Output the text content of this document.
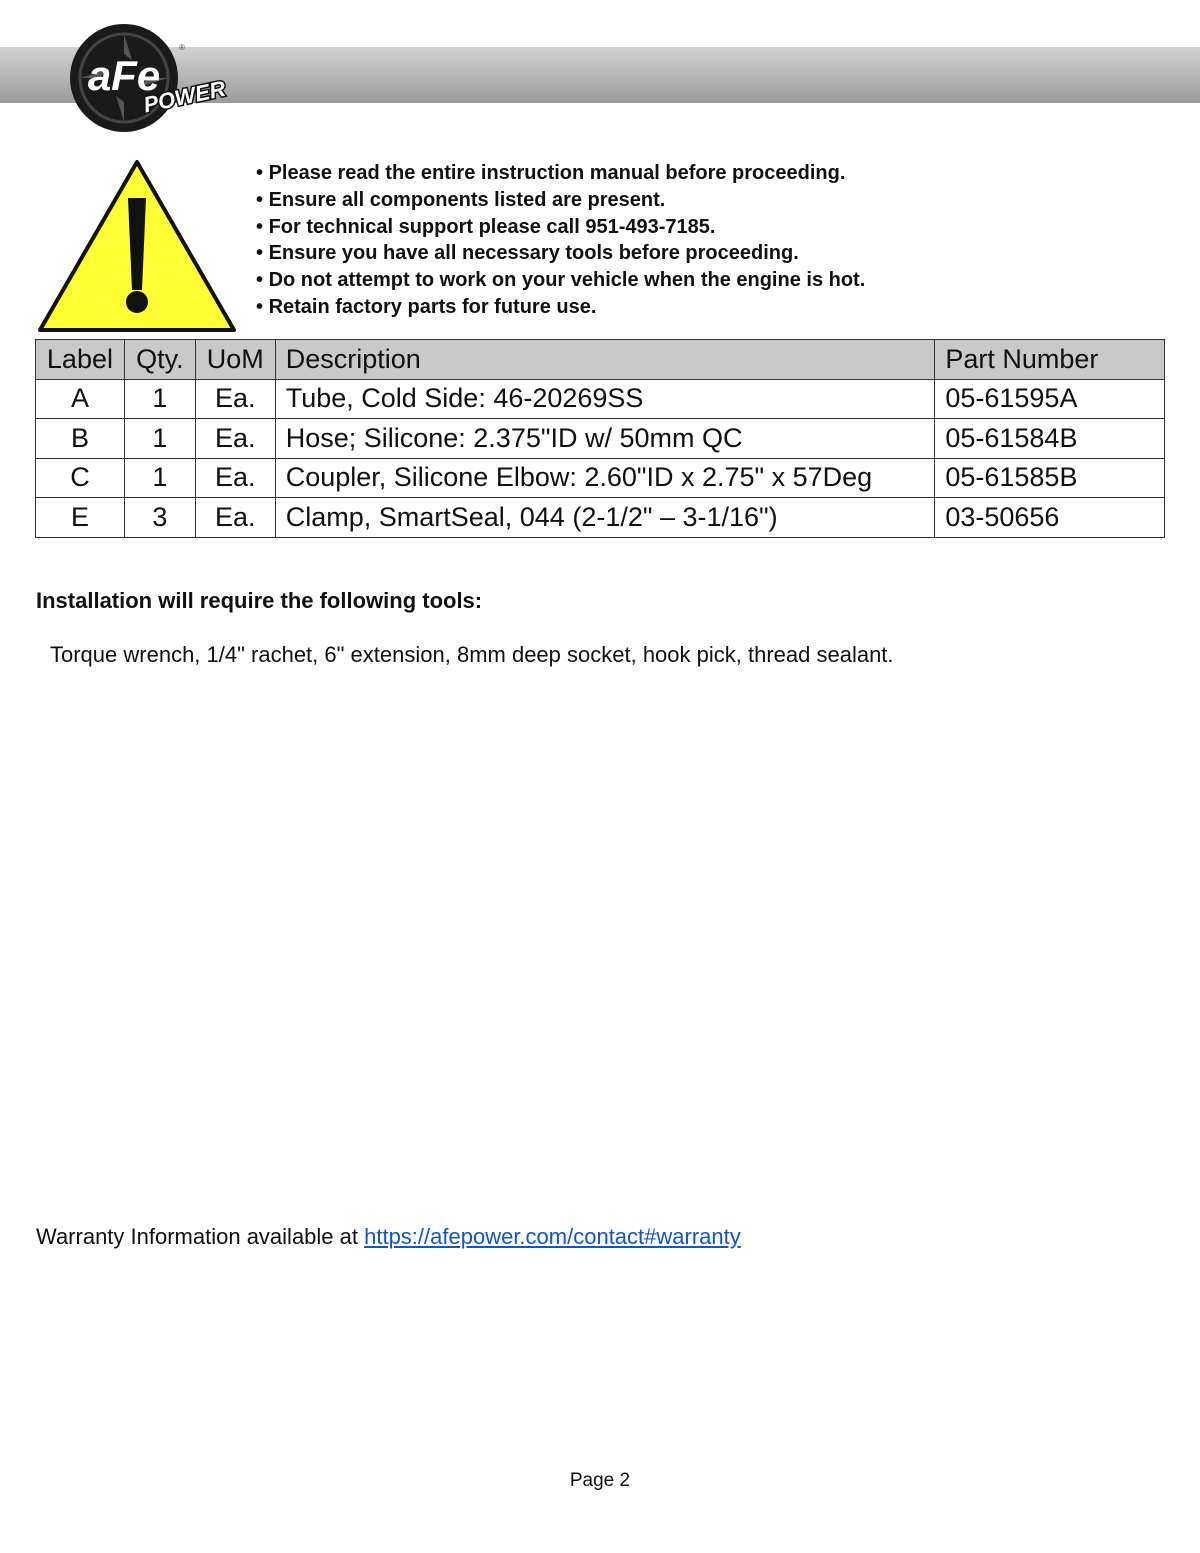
aFe
POWER
®
• Please read the entire instruction manual before proceeding.
• Ensure all components listed are present.
• For technical support please call 951-493-7185.
• Ensure you have all necessary tools before proceeding.
• Do not attempt to work on your vehicle when the engine is hot.
• Retain factory parts for future use.
Label	Qty.	UoM	Description	Part Number
A	1	Ea.	Tube, Cold Side: 46-20269SS	05-61595A
B	1	Ea.	Hose; Silicone: 2.375"ID w/ 50mm QC	05-61584B
C	1	Ea.	Coupler, Silicone Elbow: 2.60"ID x 2.75" x 57Deg	05-61585B
E	3	Ea.	Clamp, SmartSeal, 044 (2-1/2" – 3-1/16")	03-50656

Installation will require the following tools:

Torque wrench, 1/4" rachet, 6" extension, 8mm deep socket, hook pick, thread sealant.

Warranty Information available at https://afepower.com/contact#warranty

Page 2
